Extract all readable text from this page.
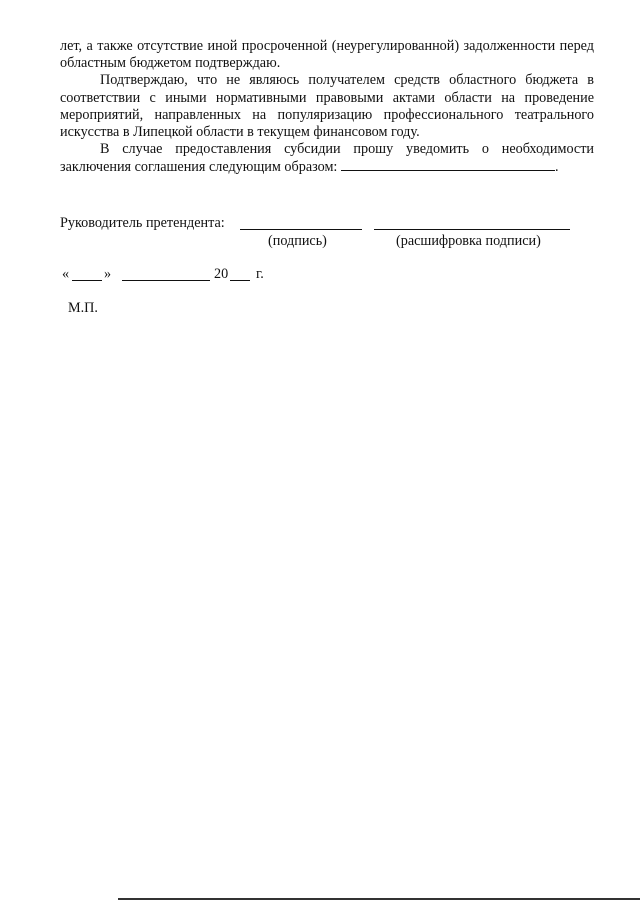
лет, а также отсутствие иной просроченной (неурегулированной) задолженности перед областным бюджетом подтверждаю.

Подтверждаю, что не являюсь получателем средств областного бюджета в соответствии с иными нормативными правовыми актами области на проведение мероприятий, направленных на популяризацию профессионального театрального искусства в Липецкой области в текущем финансовом году.

В случае предоставления субсидии прошу уведомить о необходимости заключения соглашения следующим образом:	.

Руководитель претендента:
(подпись)	(расшифровка подписи)
« »	20 г.
М.П.
